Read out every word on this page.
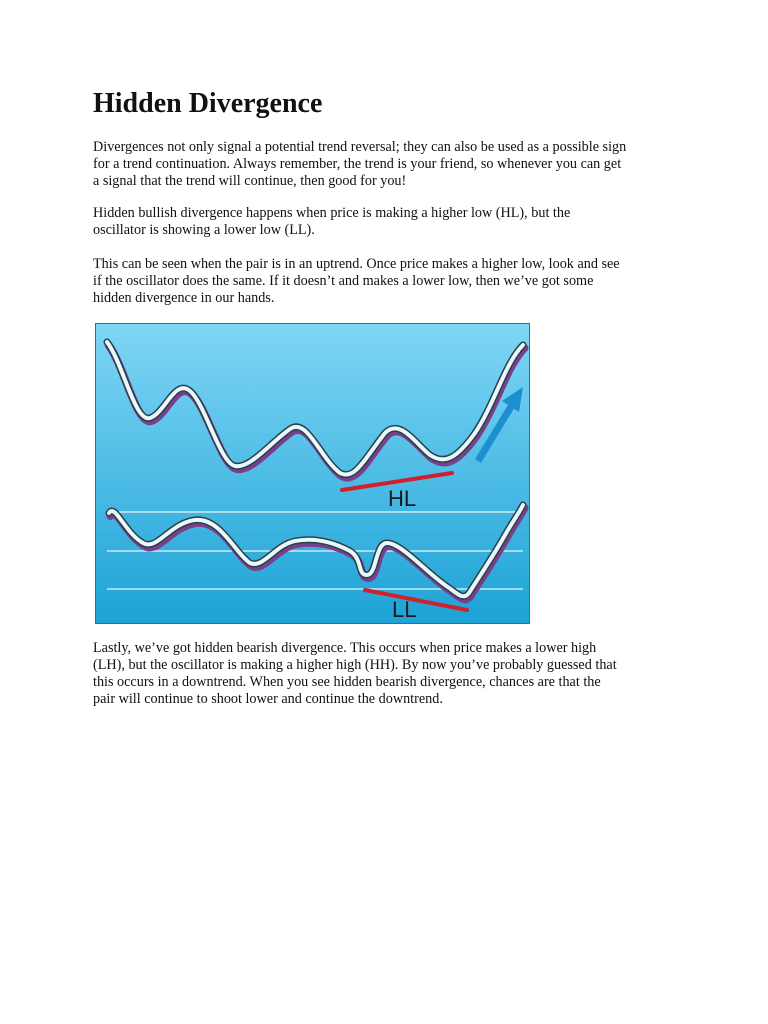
Hidden Divergence

Divergences not only signal a potential trend reversal; they can also be used as a possible sign
for a trend continuation. Always remember, the trend is your friend, so whenever you can get
a signal that the trend will continue, then good for you!

Hidden bullish divergence happens when price is making a higher low (HL), but the
oscillator is showing a lower low (LL).

This can be seen when the pair is in an uptrend. Once price makes a higher low, look and see
if the oscillator does the same. If it doesn’t and makes a lower low, then we’ve got some
hidden divergence in our hands.

HL
LL

Lastly, we’ve got hidden bearish divergence. This occurs when price makes a lower high
(LH), but the oscillator is making a higher high (HH). By now you’ve probably guessed that
this occurs in a downtrend. When you see hidden bearish divergence, chances are that the
pair will continue to shoot lower and continue the downtrend.
